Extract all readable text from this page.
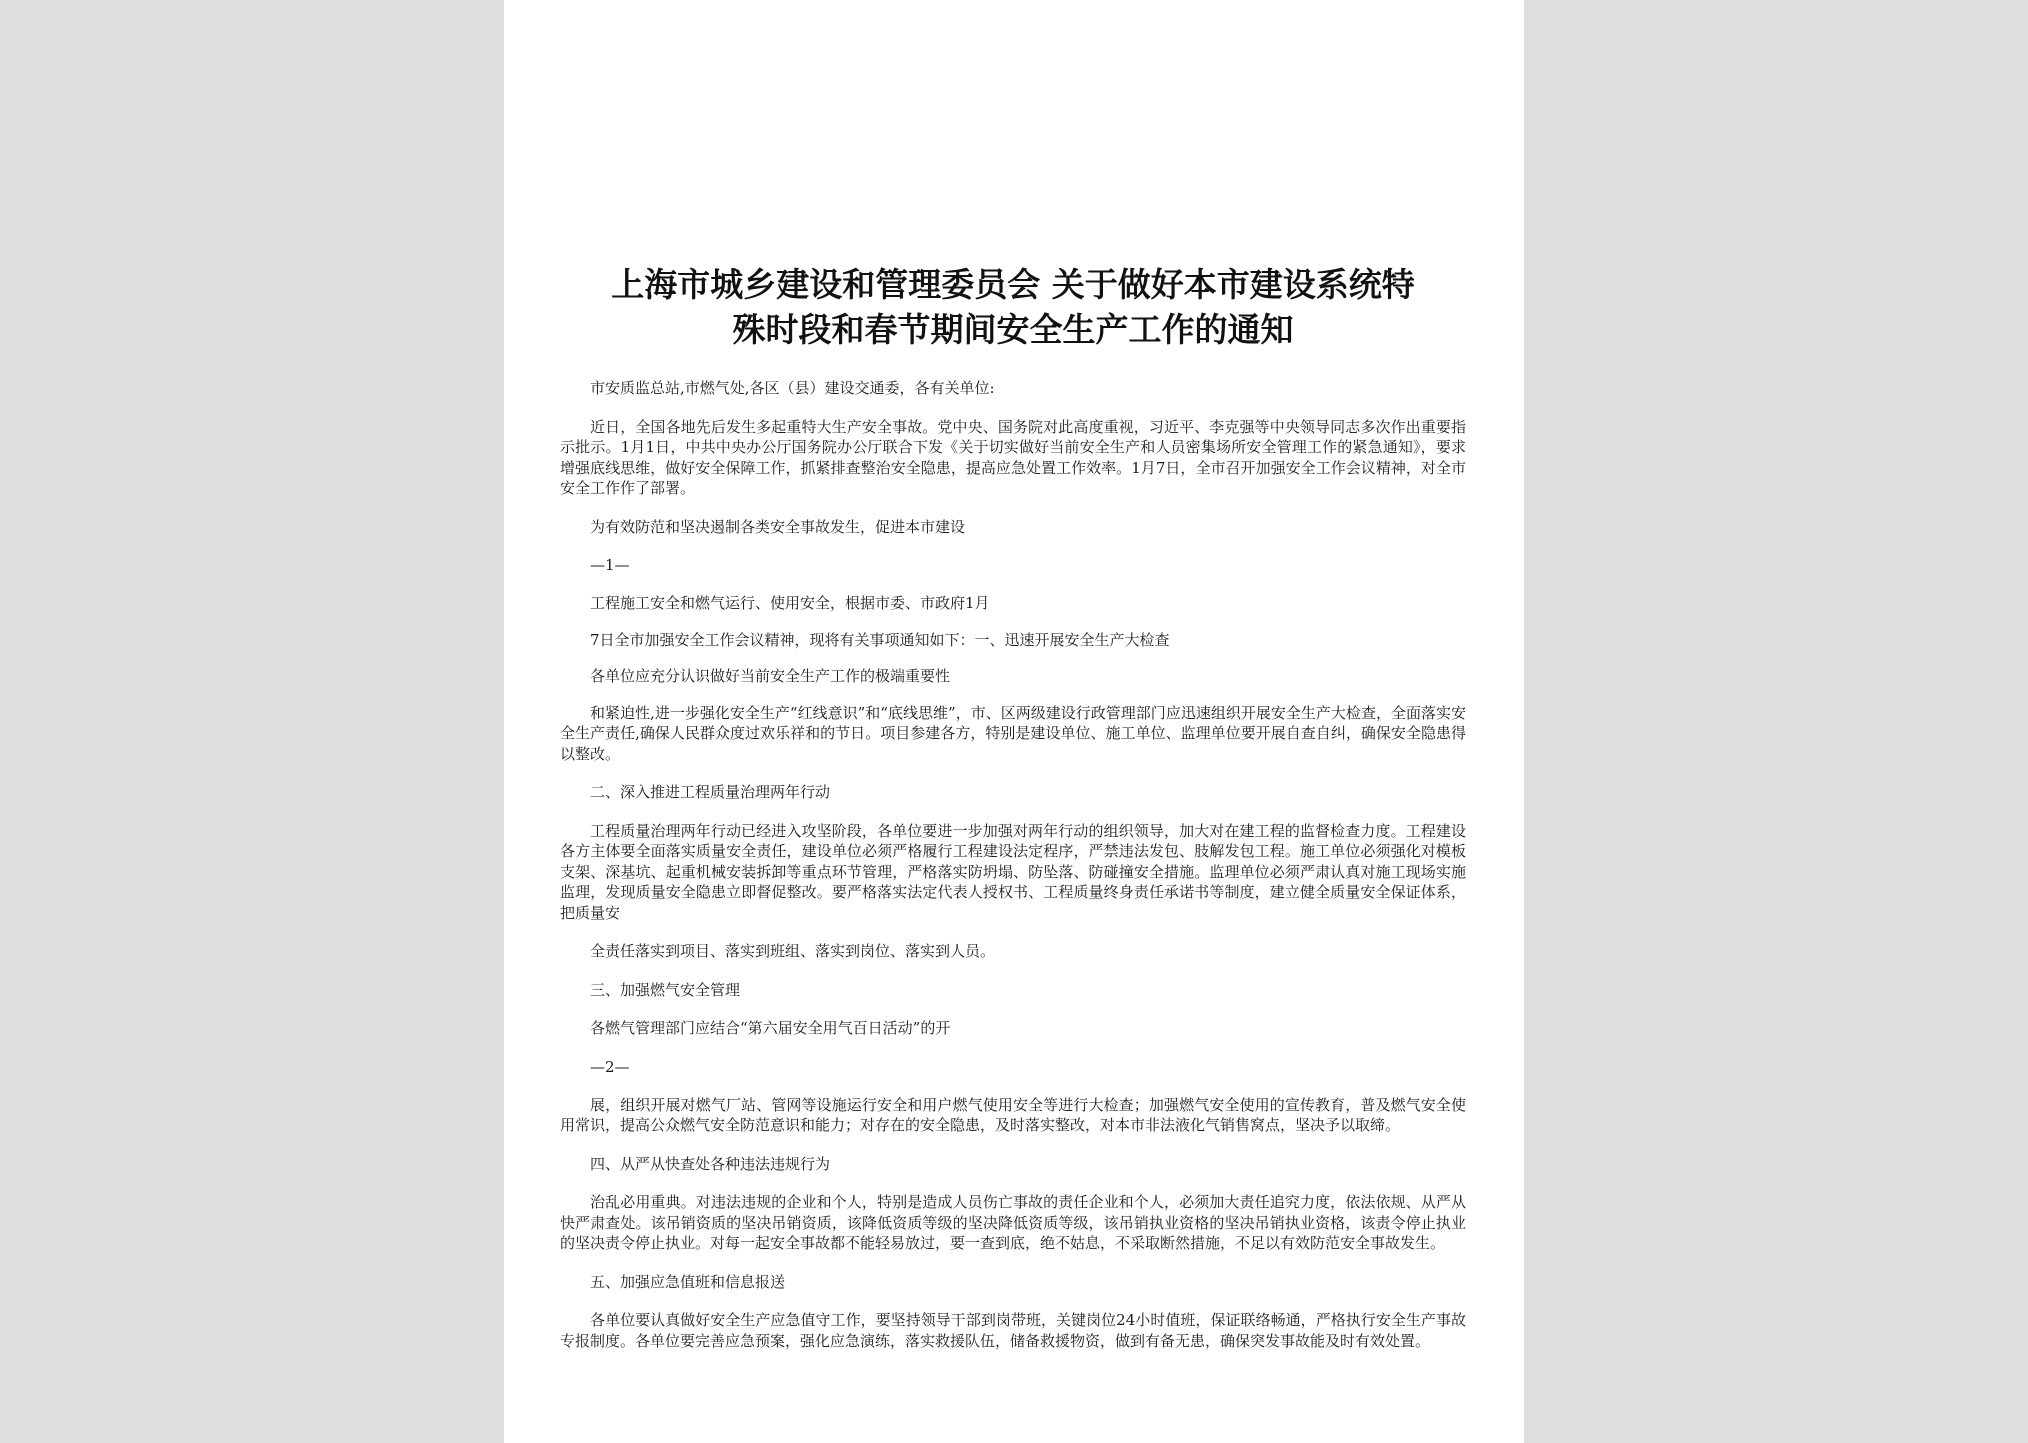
上海市城乡建设和管理委员会 关于做好本市建设系统特
殊时段和春节期间安全生产工作的通知

市安质监总站,市燃气处,各区（县）建设交通委，各有关单位:

近日，全国各地先后发生多起重特大生产安全事故。党中央、国务院对此高度重视，习近平、李克强等中央领导同志多次作出重要指示批示。1月1日，中共中央办公厅国务院办公厅联合下发《关于切实做好当前安全生产和人员密集场所安全管理工作的紧急通知》，要求增强底线思维，做好安全保障工作，抓紧排查整治安全隐患，提高应急处置工作效率。1月7日，全市召开加强安全工作会议精神，对全市安全工作作了部署。

为有效防范和坚决遏制各类安全事故发生，促进本市建设

—1—

工程施工安全和燃气运行、使用安全，根据市委、市政府1月

7日全市加强安全工作会议精神，现将有关事项通知如下：一、迅速开展安全生产大检查

各单位应充分认识做好当前安全生产工作的极端重要性

和紧迫性,进一步强化安全生产“红线意识”和“底线思维”，市、区两级建设行政管理部门应迅速组织开展安全生产大检查，全面落实安全生产责任,确保人民群众度过欢乐祥和的节日。项目参建各方，特别是建设单位、施工单位、监理单位要开展自查自纠，确保安全隐患得以整改。

二、深入推进工程质量治理两年行动

工程质量治理两年行动已经进入攻坚阶段，各单位要进一步加强对两年行动的组织领导，加大对在建工程的监督检查力度。工程建设各方主体要全面落实质量安全责任，建设单位必须严格履行工程建设法定程序，严禁违法发包、肢解发包工程。施工单位必须强化对模板支架、深基坑、起重机械安装拆卸等重点环节管理，严格落实防坍塌、防坠落、防碰撞安全措施。监理单位必须严肃认真对施工现场实施监理，发现质量安全隐患立即督促整改。要严格落实法定代表人授权书、工程质量终身责任承诺书等制度，建立健全质量安全保证体系，把质量安

全责任落实到项目、落实到班组、落实到岗位、落实到人员。

三、加强燃气安全管理

各燃气管理部门应结合“第六届安全用气百日活动”的开

—2—

展，组织开展对燃气厂站、管网等设施运行安全和用户燃气使用安全等进行大检查；加强燃气安全使用的宣传教育，普及燃气安全使用常识，提高公众燃气安全防范意识和能力；对存在的安全隐患，及时落实整改，对本市非法液化气销售窝点，坚决予以取缔。

四、从严从快查处各种违法违规行为

治乱必用重典。对违法违规的企业和个人，特别是造成人员伤亡事故的责任企业和个人，必须加大责任追究力度，依法依规、从严从快严肃查处。该吊销资质的坚决吊销资质，该降低资质等级的坚决降低资质等级，该吊销执业资格的坚决吊销执业资格，该责令停止执业的坚决责令停止执业。对每一起安全事故都不能轻易放过，要一查到底，绝不姑息，不采取断然措施，不足以有效防范安全事故发生。

五、加强应急值班和信息报送

各单位要认真做好安全生产应急值守工作，要坚持领导干部到岗带班，关键岗位24小时值班，保证联络畅通，严格执行安全生产事故专报制度。各单位要完善应急预案，强化应急演练，落实救援队伍，储备救援物资，做到有备无患，确保突发事故能及时有效处置。
